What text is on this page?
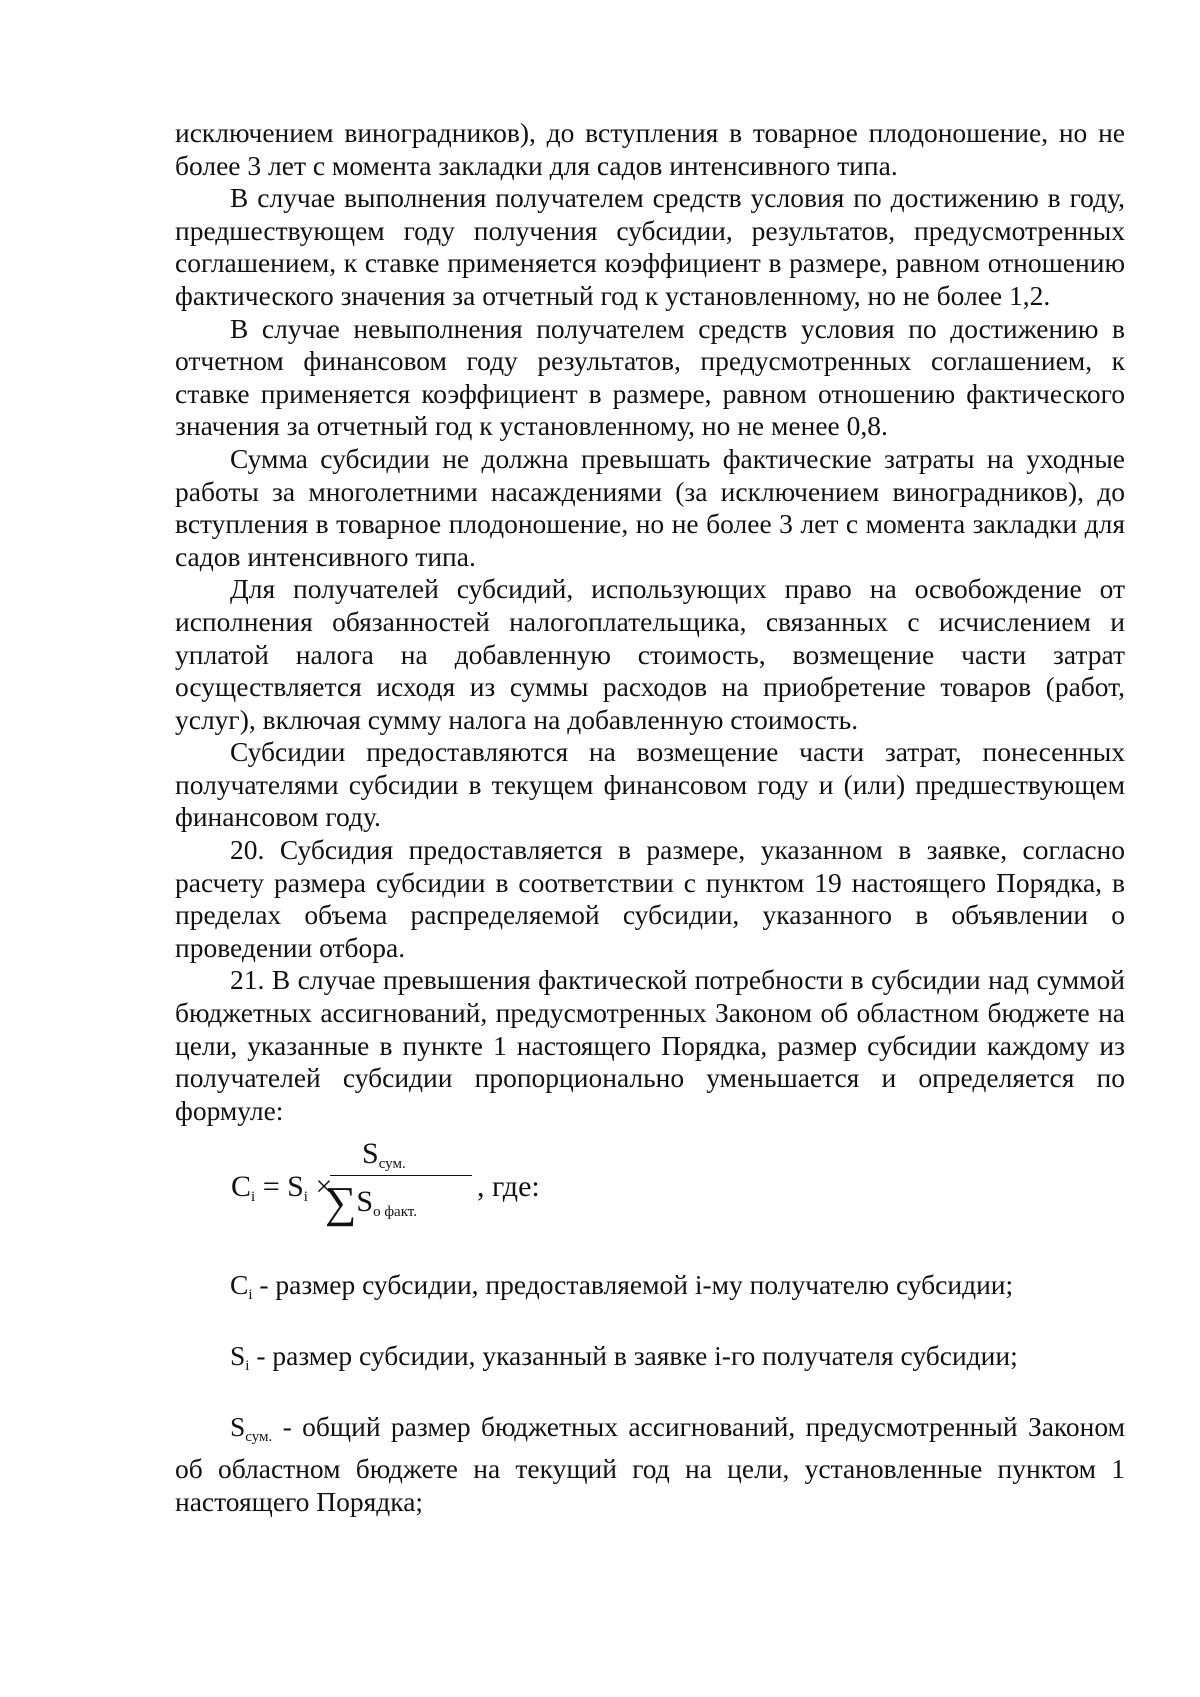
исключением виноградников), до вступления в товарное плодоношение, но не более 3 лет с момента закладки для садов интенсивного типа.

В случае выполнения получателем средств условия по достижению в году, предшествующем году получения субсидии, результатов, предусмотренных соглашением, к ставке применяется коэффициент в размере, равном отношению фактического значения за отчетный год к установленному, но не более 1,2.

В случае невыполнения получателем средств условия по достижению в отчетном финансовом году результатов, предусмотренных соглашением, к ставке применяется коэффициент в размере, равном отношению фактического значения за отчетный год к установленному, но не менее 0,8.

Сумма субсидии не должна превышать фактические затраты на уходные работы за многолетними насаждениями (за исключением виноградников), до вступления в товарное плодоношение, но не более 3 лет с момента закладки для садов интенсивного типа.

Для получателей субсидий, использующих право на освобождение от исполнения обязанностей налогоплательщика, связанных с исчислением и уплатой налога на добавленную стоимость, возмещение части затрат осуществляется исходя из суммы расходов на приобретение товаров (работ, услуг), включая сумму налога на добавленную стоимость.

Субсидии предоставляются на возмещение части затрат, понесенных получателями субсидии в текущем финансовом году и (или) предшествующем финансовом году.

20. Субсидия предоставляется в размере, указанном в заявке, согласно расчету размера субсидии в соответствии с пунктом 19 настоящего Порядка, в пределах объема распределяемой субсидии, указанного в объявлении о проведении отбора.

21. В случае превышения фактической потребности в субсидии над суммой бюджетных ассигнований, предусмотренных Законом об областном бюджете на цели, указанные в пункте 1 настоящего Порядка, размер субсидии каждому из получателей субсидии пропорционально уменьшается и определяется по формуле:

$C_i = S_i$ ×
$S_{сум.}$
$\sum S_{о факт.}$
, где:

$C_i$ - размер субсидии, предоставляемой i-му получателю субсидии;

$S_i$ - размер субсидии, указанный в заявке i-го получателя субсидии;

$S_{сум.}$ - общий размер бюджетных ассигнований, предусмотренный Законом об областном бюджете на текущий год на цели, установленные пунктом 1 настоящего Порядка;
